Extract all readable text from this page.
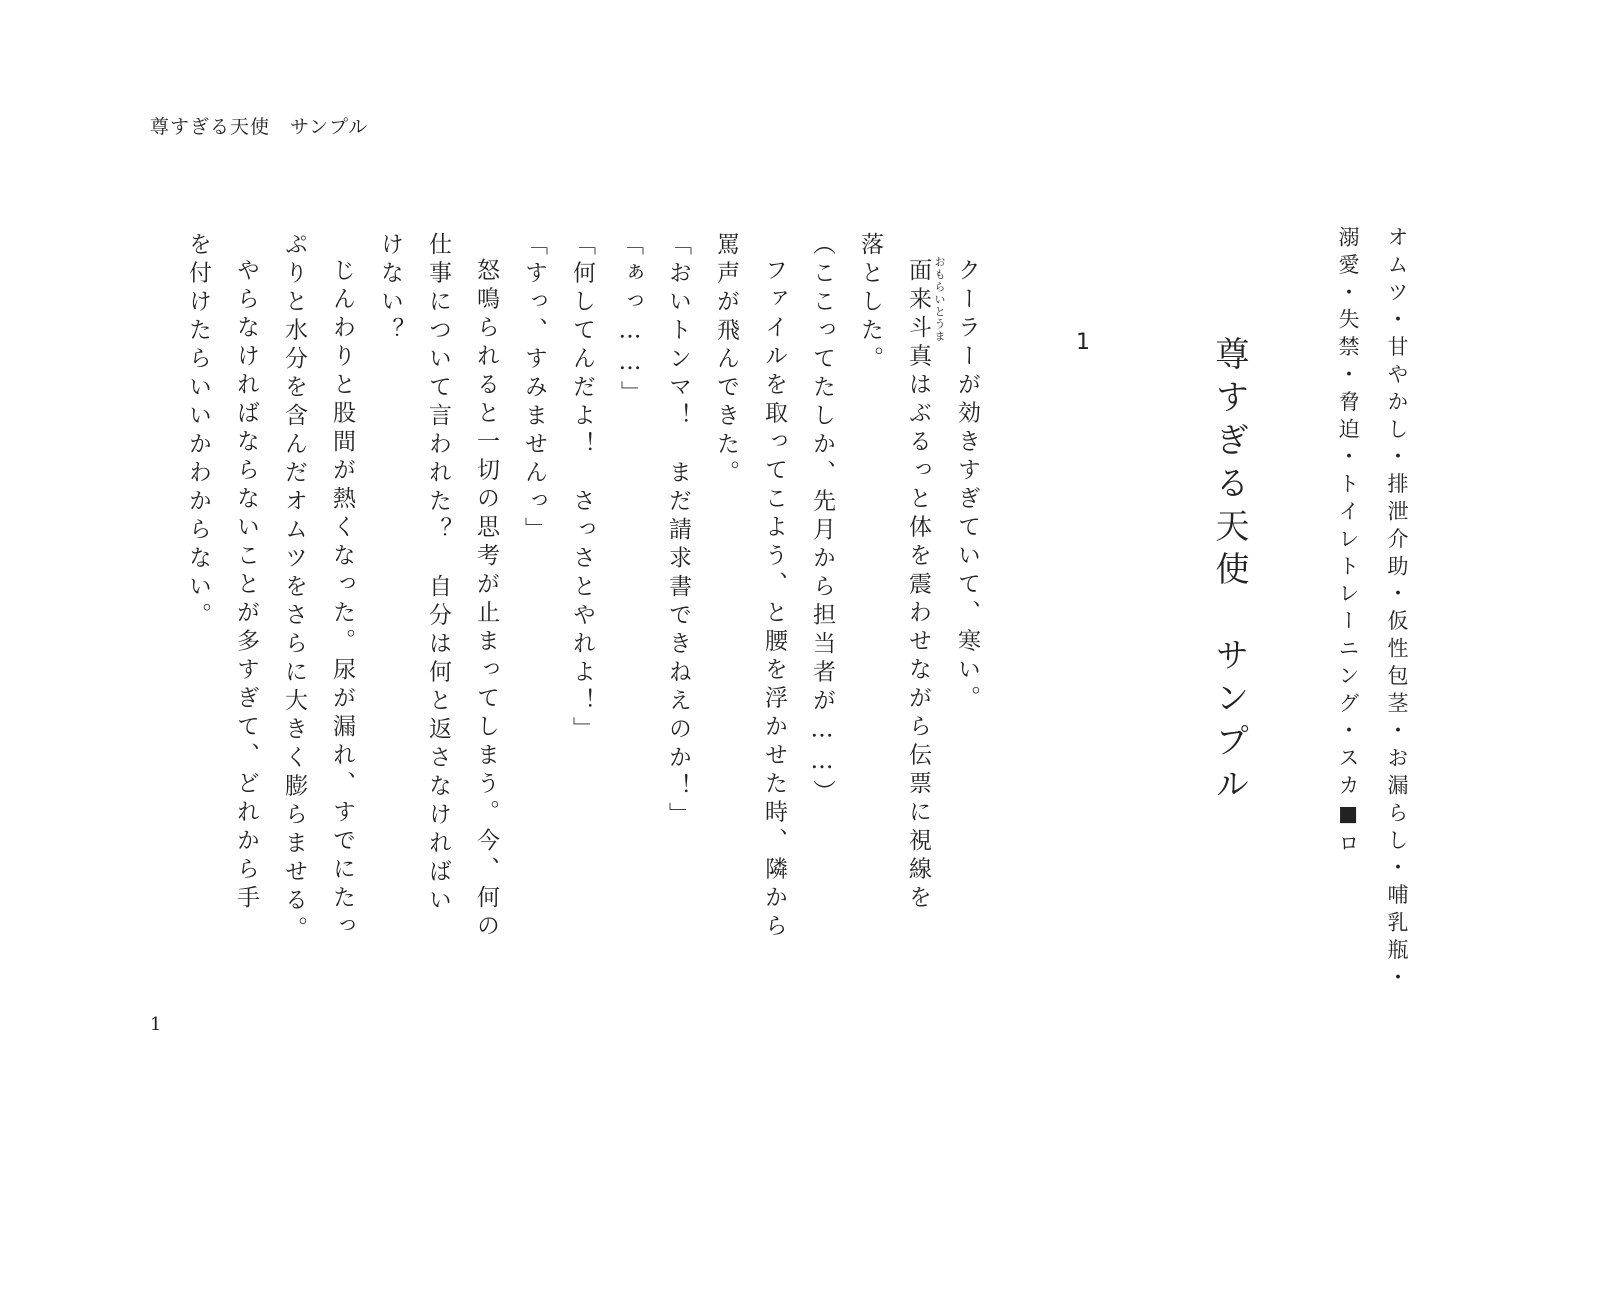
尊すぎる天使　サンプル
オムツ・甘やかし・排泄介助・仮性包茎・お漏らし・哺乳瓶・
溺愛・失禁・脅迫・トイレトレーニング・スカ■ロ
尊すぎる天使　サンプル
1
おもらいとうま クーラーが効きすぎていて、寒い。
面来斗真はぶるっと体を震わせながら伝票に視線を
落とした。
（ここってたしか、先月から担当者が……）
ファイルを取ってこよう、と腰を浮かせた時、隣から
罵声が飛んできた。
「おいトンマ！　まだ請求書できねえのか！」
「ぁっ……」
「何してんだよ！　さっさとやれよ！」
「すっ、すみませんっ」
怒鳴られると一切の思考が止まってしまう。今、何の
仕事について言われた？　自分は何と返さなければい
けない？
じんわりと股間が熱くなった。尿が漏れ、すでにたっ
ぷりと水分を含んだオムツをさらに大きく膨らませる。
やらなければならないことが多すぎて、どれから手
を付けたらいいかわからない。
1
